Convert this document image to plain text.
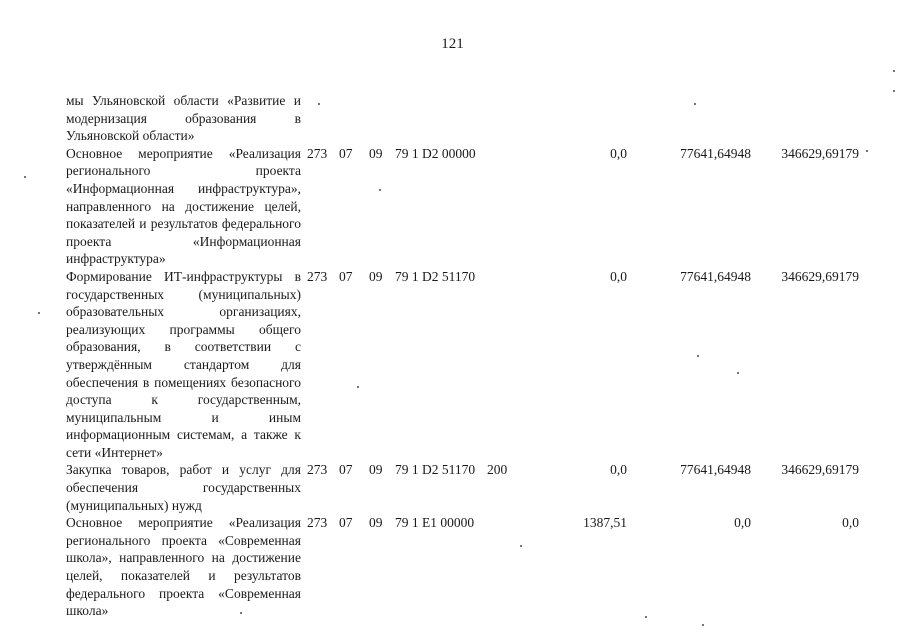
121
мы Ульяновской области «Развитие и модернизация образования в Ульяновской области»								
Основное мероприятие «Реализация регионального проекта «Информационная инфраструктура», направленного на достижение целей, показателей и результатов федерального проекта «Информационная инфраструктура»	273	07	09	79 1 D2 00000		0,0	77641,64948	346629,69179
Формирование ИТ-инфраструктуры в государственных (муниципальных) образовательных организациях, реализующих программы общего образования, в соответствии с утверждённым стандартом для обеспечения в помещениях безопасного доступа к государственным, муниципальным и иным информационным системам, а также к сети «Интернет»	273	07	09	79 1 D2 51170		0,0	77641,64948	346629,69179
Закупка товаров, работ и услуг для обеспечения государственных (муниципальных) нужд	273	07	09	79 1 D2 51170	200	0,0	77641,64948	346629,69179
Основное мероприятие «Реализация регионального проекта «Современная школа», направленного на достижение целей, показателей и результатов федерального проекта «Современная школа»	273	07	09	79 1 E1 00000		1387,51	0,0	0,0
